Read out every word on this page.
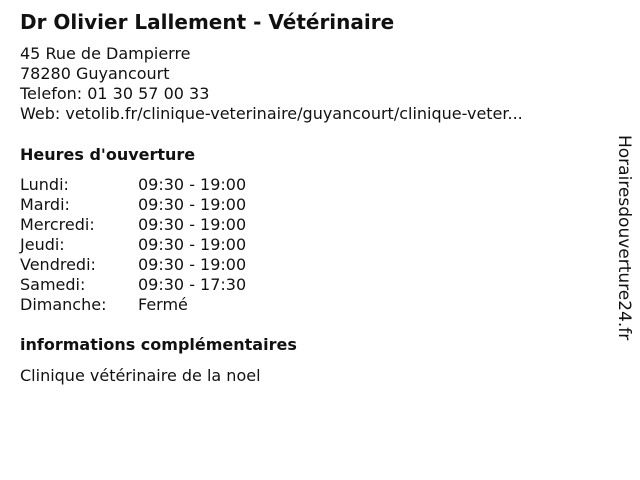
Dr Olivier Lallement - Vétérinaire
45 Rue de Dampierre
78280 Guyancourt
Telefon: 01 30 57 00 33
Web: vetolib.fr/clinique-veterinaire/guyancourt/clinique-veter...
Heures d'ouverture
Lundi:	09:30 - 19:00
Mardi:	09:30 - 19:00
Mercredi:	09:30 - 19:00
Jeudi:	09:30 - 19:00
Vendredi:	09:30 - 19:00
Samedi:	09:30 - 17:30
Dimanche:	Fermé
informations complémentaires
Clinique vétérinaire de la noel
Horairesdouverture24.fr
